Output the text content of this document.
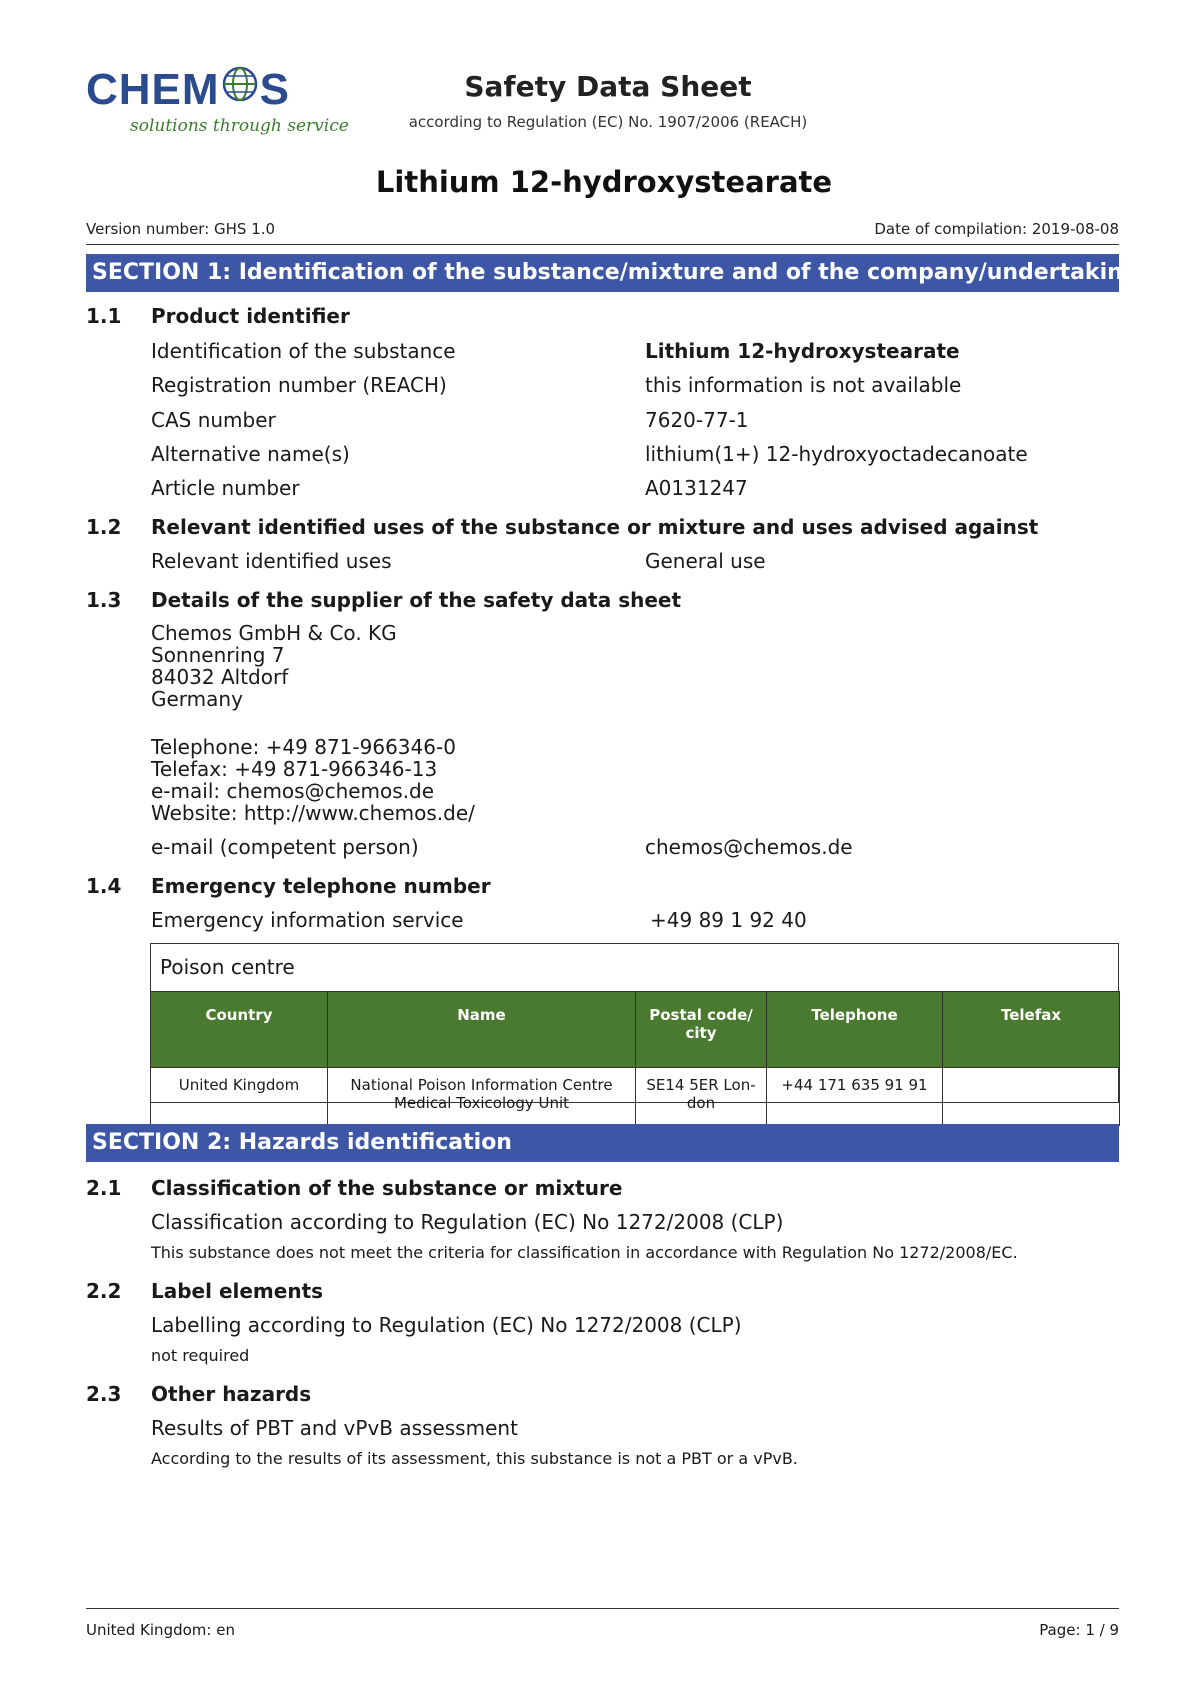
CHEM S
solutions through service
Safety Data Sheet
according to Regulation (EC) No. 1907/2006 (REACH)
Lithium 12-hydroxystearate
Version number: GHS 1.0	Date of compilation: 2019-08-08
SECTION 1: Identification of the substance/mixture and of the company/undertaking
1.1 Product identifier
Identification of the substance	Lithium 12-hydroxystearate
Registration number (REACH)	this information is not available
CAS number	7620-77-1
Alternative name(s)	lithium(1+) 12-hydroxyoctadecanoate
Article number	A0131247
1.2 Relevant identified uses of the substance or mixture and uses advised against
Relevant identified uses	General use
1.3 Details of the supplier of the safety data sheet
Chemos GmbH & Co. KG
Sonnenring 7
84032 Altdorf
Germany
Telephone: +49 871-966346-0
Telefax: +49 871-966346-13
e-mail: chemos@chemos.de
Website: http://www.chemos.de/
e-mail (competent person)	chemos@chemos.de
1.4 Emergency telephone number
Emergency information service	+49 89 1 92 40
Poison centre
Country	Name	Postal code/ city	Telephone	Telefax
United Kingdom	National Poison Information Centre Medical Toxicology Unit	SE14 5ER Lon- don	+44 171 635 91 91	
SECTION 2: Hazards identification
2.1 Classification of the substance or mixture
Classification according to Regulation (EC) No 1272/2008 (CLP)
This substance does not meet the criteria for classification in accordance with Regulation No 1272/2008/EC.
2.2 Label elements
Labelling according to Regulation (EC) No 1272/2008 (CLP)
not required
2.3 Other hazards
Results of PBT and vPvB assessment
According to the results of its assessment, this substance is not a PBT or a vPvB.
United Kingdom: en	Page: 1 / 9
